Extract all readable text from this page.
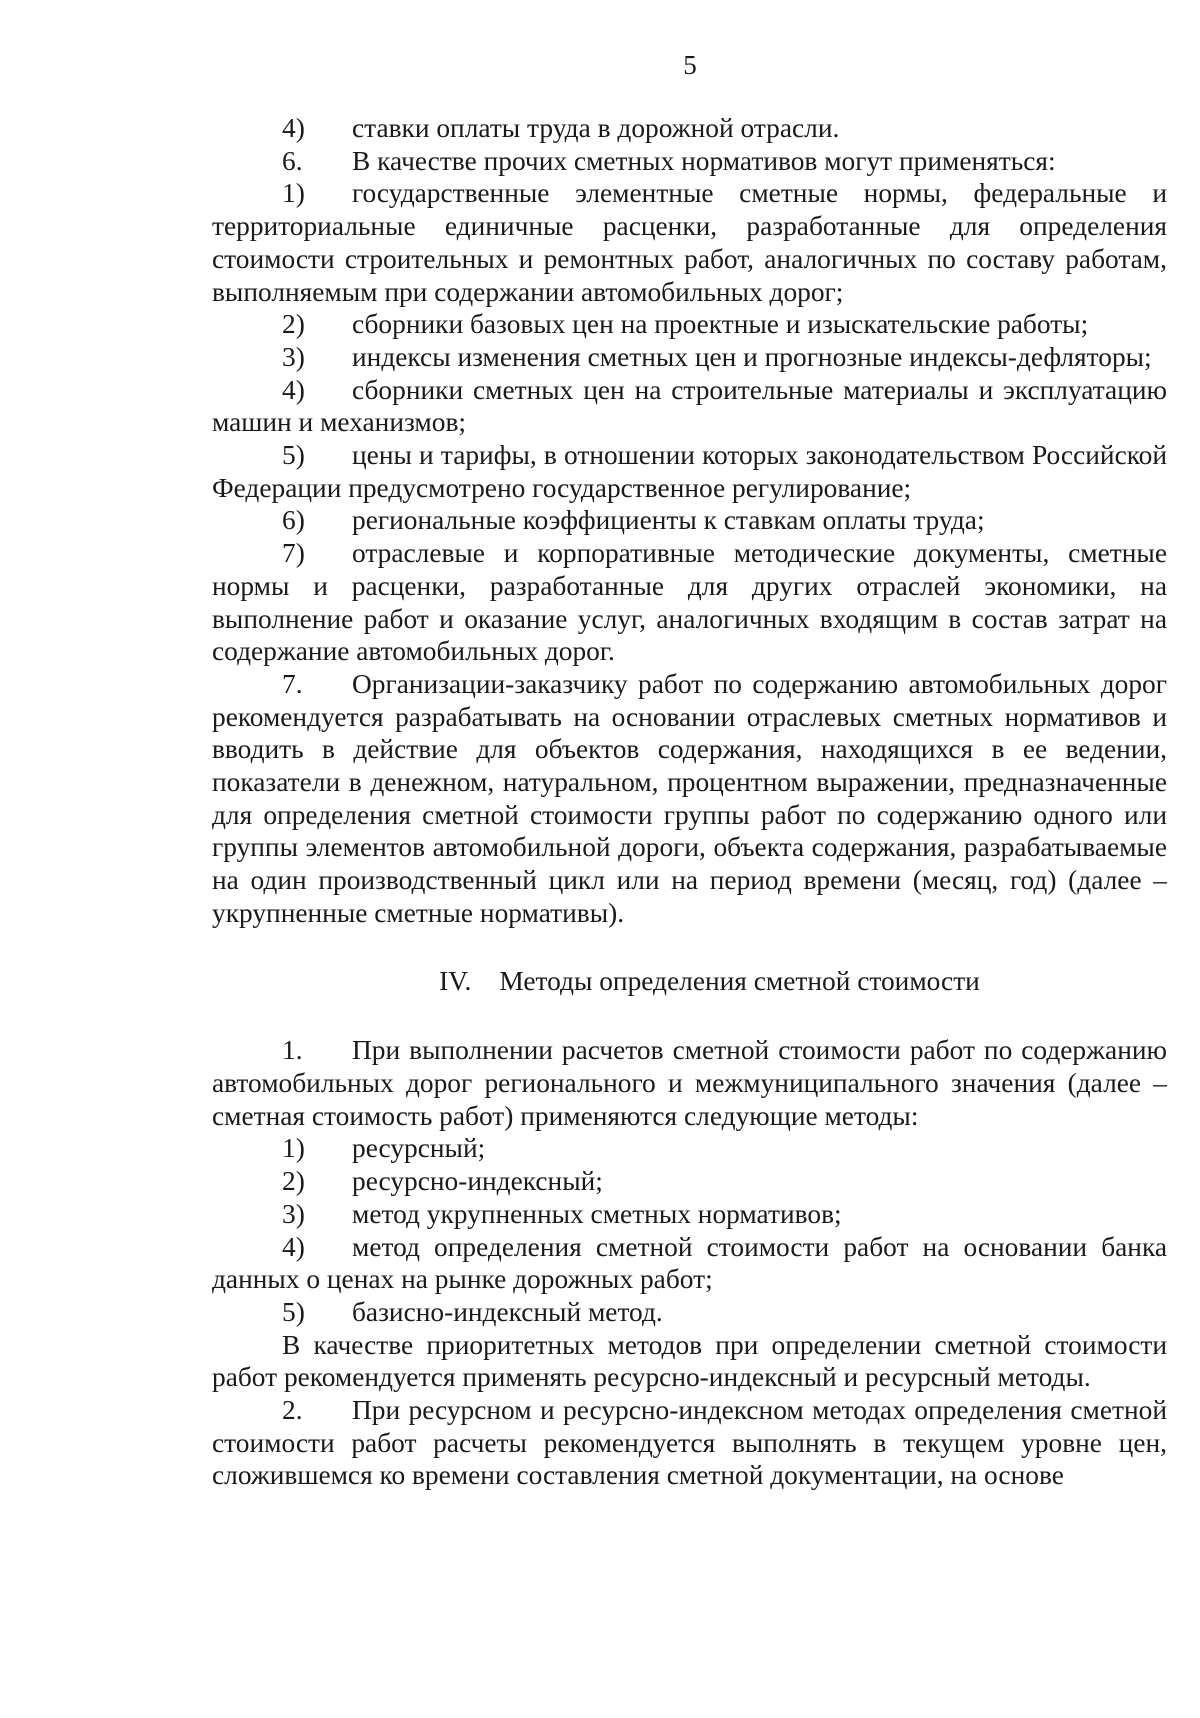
5

4) ставки оплаты труда в дорожной отрасли.

6. В качестве прочих сметных нормативов могут применяться:

1) государственные элементные сметные нормы, федеральные и территориальные единичные расценки, разработанные для определения стоимости строительных и ремонтных работ, аналогичных по составу работам, выполняемым при содержании автомобильных дорог;

2) сборники базовых цен на проектные и изыскательские работы;

3) индексы изменения сметных цен и прогнозные индексы-дефляторы;

4) сборники сметных цен на строительные материалы и эксплуатацию машин и механизмов;

5) цены и тарифы, в отношении которых законодательством Российской Федерации предусмотрено государственное регулирование;

6) региональные коэффициенты к ставкам оплаты труда;

7) отраслевые и корпоративные методические документы, сметные нормы и расценки, разработанные для других отраслей экономики, на выполнение работ и оказание услуг, аналогичных входящим в состав затрат на содержание автомобильных дорог.

7. Организации-заказчику работ по содержанию автомобильных дорог рекомендуется разрабатывать на основании отраслевых сметных нормативов и вводить в действие для объектов содержания, находящихся в ее ведении, показатели в денежном, натуральном, процентном выражении, предназначенные для определения сметной стоимости группы работ по содержанию одного или группы элементов автомобильной дороги, объекта содержания, разрабатываемые на один производственный цикл или на период времени (месяц, год) (далее – укрупненные сметные нормативы).

IV. Методы определения сметной стоимости

1. При выполнении расчетов сметной стоимости работ по содержанию автомобильных дорог регионального и межмуниципального значения (далее – сметная стоимость работ) применяются следующие методы:

1) ресурсный;

2) ресурсно-индексный;

3) метод укрупненных сметных нормативов;

4) метод определения сметной стоимости работ на основании банка данных о ценах на рынке дорожных работ;

5) базисно-индексный метод.

В качестве приоритетных методов при определении сметной стоимости работ рекомендуется применять ресурсно-индексный и ресурсный методы.

2. При ресурсном и ресурсно-индексном методах определения сметной стоимости работ расчеты рекомендуется выполнять в текущем уровне цен, сложившемся ко времени составления сметной документации, на основе
